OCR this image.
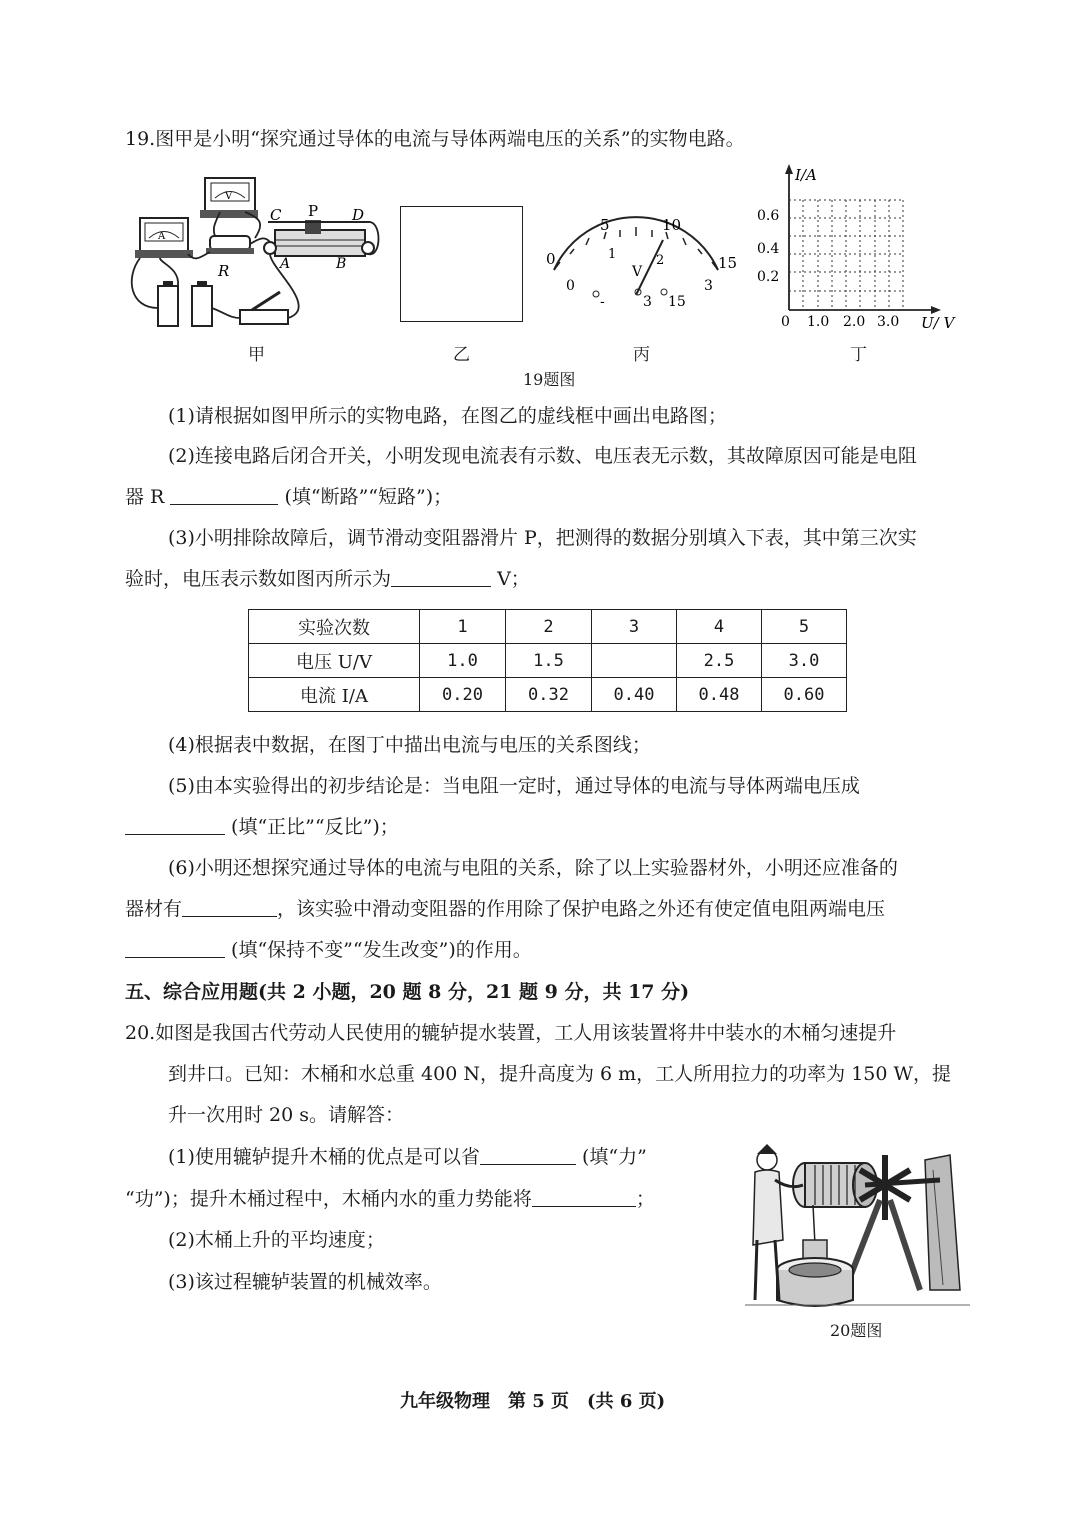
19.图甲是小明“探究通过导体的电流与导体两端电压的关系”的实物电路。
C P D
A	B
R
V
A
5	10
0	15
0
1	2
3
V
-	3 15
I/A
U/ V
0.6
0.4
0.2
0 1.0 2.0 3.0
甲	乙	丙	丁
19题图
(1)请根据如图甲所示的实物电路，在图乙的虚线框中画出电路图；
(2)连接电路后闭合开关，小明发现电流表有示数、电压表无示数，其故障原因可能是电阻
器 R	(填“断路”“短路”)；
(3)小明排除故障后，调节滑动变阻器滑片 P，把测得的数据分别填入下表，其中第三次实
验时，电压表示数如图丙所示为	V；
实验次数	1	2	3	4	5
电压 U/V	1.0	1.5		2.5	3.0
电流 I/A	0.20	0.32	0.40	0.48	0.60
(4)根据表中数据，在图丁中描出电流与电压的关系图线；
(5)由本实验得出的初步结论是：当电阻一定时，通过导体的电流与导体两端电压成
(填“正比”“反比”)；
(6)小明还想探究通过导体的电流与电阻的关系，除了以上实验器材外，小明还应准备的
器材有	，该实验中滑动变阻器的作用除了保护电路之外还有使定值电阻两端电压
(填“保持不变”“发生改变”)的作用。
五、综合应用题(共 2 小题，20 题 8 分，21 题 9 分，共 17 分)
20.如图是我国古代劳动人民使用的辘轳提水装置，工人用该装置将井中装水的木桶匀速提升
到井口。已知：木桶和水总重 400 N，提升高度为 6 m，工人所用拉力的功率为 150 W，提
升一次用时 20 s。请解答：
(1)使用辘轳提升木桶的优点是可以省	(填“力”
“功”)；提升木桶过程中，木桶内水的重力势能将	；
(2)木桶上升的平均速度；
(3)该过程辘轳装置的机械效率。
20题图
九年级物理　第 5 页　(共 6 页)
